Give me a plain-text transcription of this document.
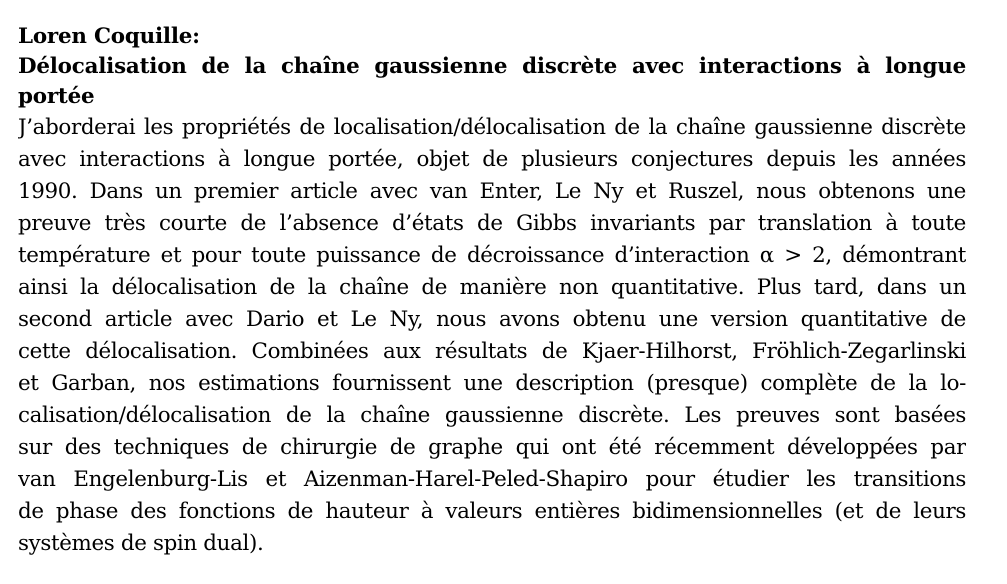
Loren Coquille:
Délocalisation de la chaîne gaussienne discrète avec interactions à longue
portée
J’aborderai les propriétés de localisation/délocalisation de la chaîne gaussienne discrète
avec interactions à longue portée, objet de plusieurs conjectures depuis les années
1990. Dans un premier article avec van Enter, Le Ny et Ruszel, nous obtenons une
preuve très courte de l’absence d’états de Gibbs invariants par translation à toute
température et pour toute puissance de décroissance d’interaction α > 2, démontrant
ainsi la délocalisation de la chaîne de manière non quantitative. Plus tard, dans un
second article avec Dario et Le Ny, nous avons obtenu une version quantitative de
cette délocalisation. Combinées aux résultats de Kjaer-Hilhorst, Fröhlich-Zegarlinski
et Garban, nos estimations fournissent une description (presque) complète de la lo-
calisation/délocalisation de la chaîne gaussienne discrète. Les preuves sont basées
sur des techniques de chirurgie de graphe qui ont été récemment développées par
van Engelenburg-Lis et Aizenman-Harel-Peled-Shapiro pour étudier les transitions
de phase des fonctions de hauteur à valeurs entières bidimensionnelles (et de leurs
systèmes de spin dual).
